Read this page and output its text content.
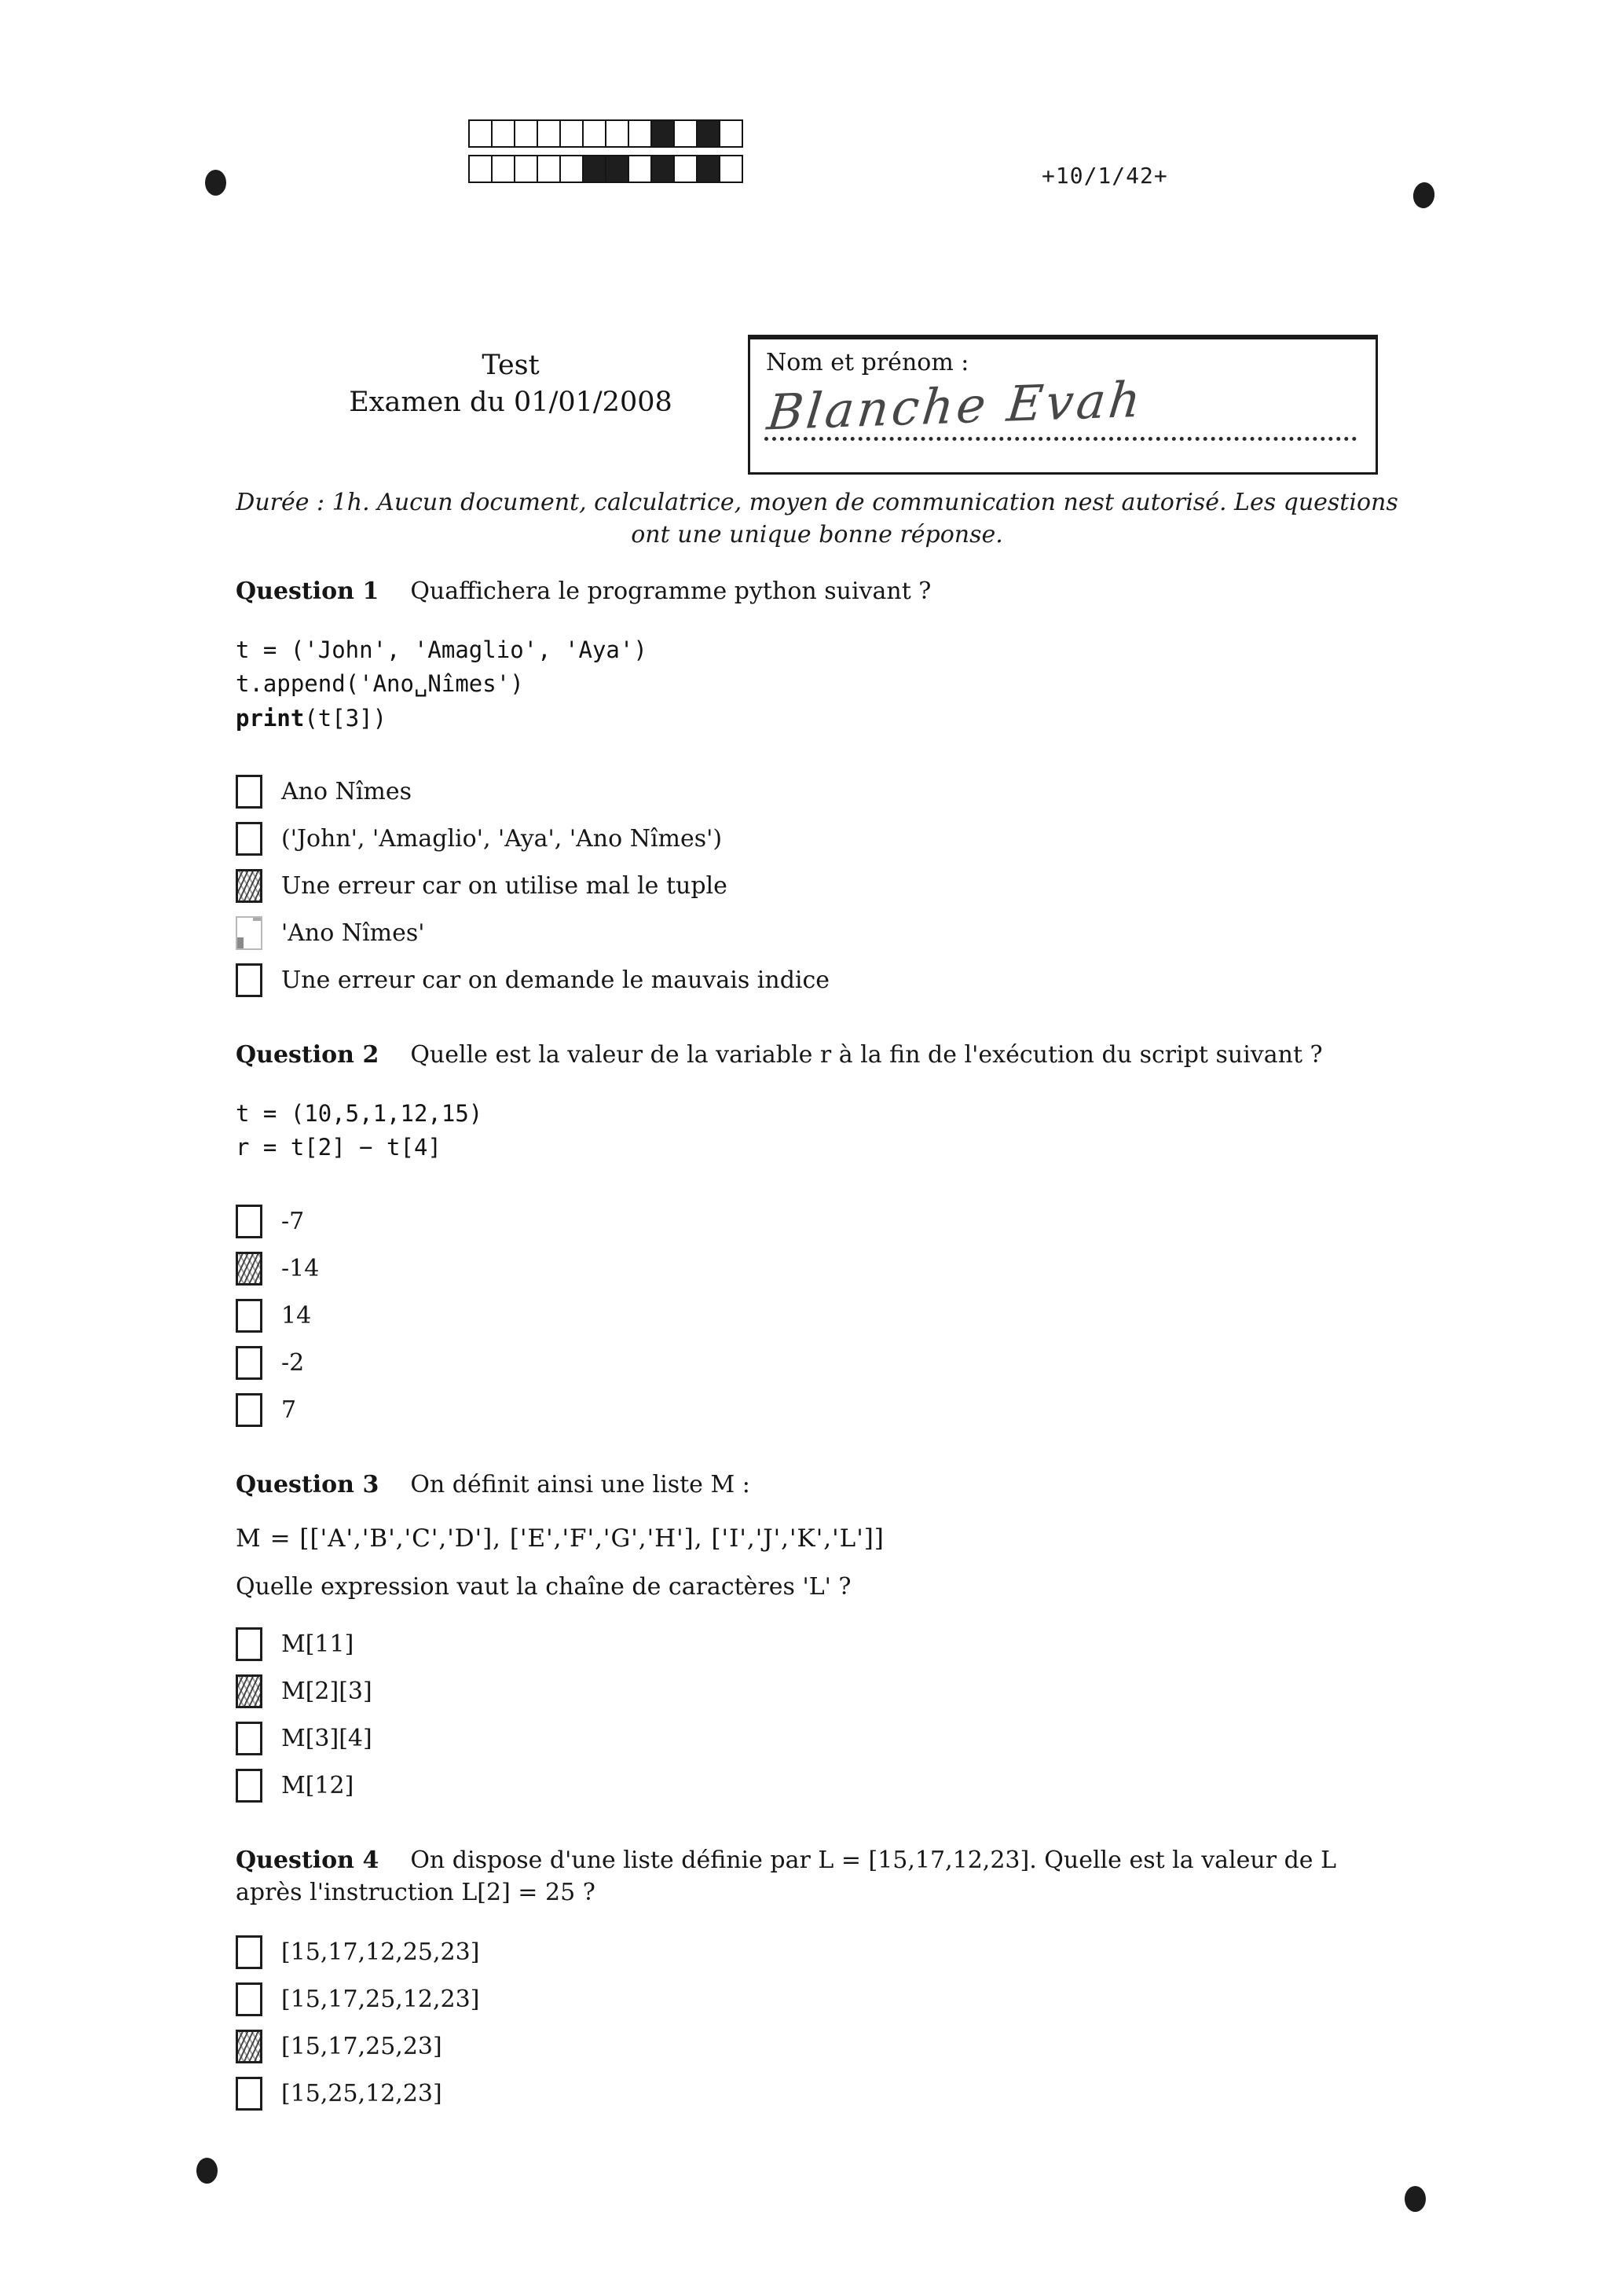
+10/1/42+
Test
Examen du 01/01/2008
Nom et prénom :
Blanche Evah
Durée : 1h. Aucun document, calculatrice, moyen de communication nest autorisé. Les questions
ont une unique bonne réponse.
Question 1 Quaffichera le programme python suivant ?
t = ('John', 'Amaglio', 'Aya')
t.append('Ano␣Nîmes')
print(t[3])
Ano Nîmes
('John', 'Amaglio', 'Aya', 'Ano Nîmes')
Une erreur car on utilise mal le tuple
'Ano Nîmes'
Une erreur car on demande le mauvais indice
Question 2 Quelle est la valeur de la variable r à la fin de l'exécution du script suivant ?
t = (10,5,1,12,15)
r = t[2] − t[4]
-7
-14
14
-2
7
Question 3 On définit ainsi une liste M :
M = [['A','B','C','D'], ['E','F','G','H'], ['I','J','K','L']]
Quelle expression vaut la chaîne de caractères 'L' ?
M[11]
M[2][3]
M[3][4]
M[12]
Question 4 On dispose d'une liste définie par L = [15,17,12,23]. Quelle est la valeur de L après l'instruction L[2] = 25 ?
[15,17,12,25,23]
[15,17,25,12,23]
[15,17,25,23]
[15,25,12,23]
